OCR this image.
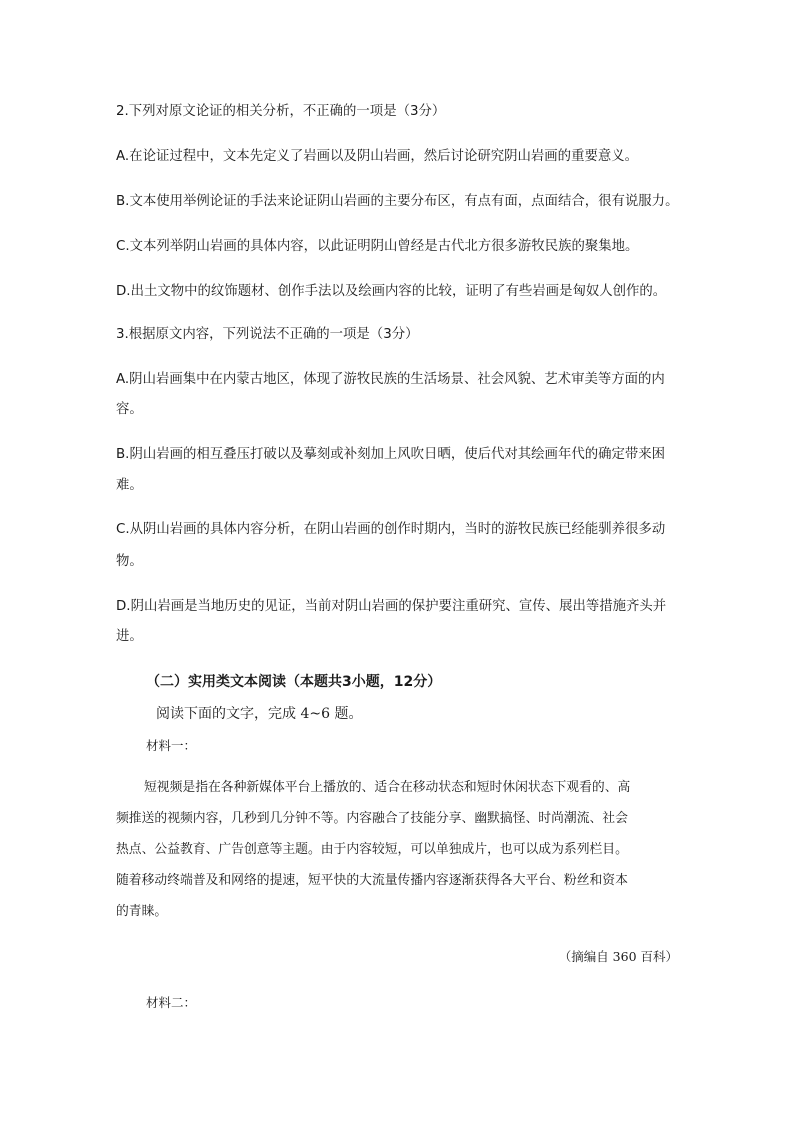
2.下列对原文论证的相关分析，不正确的一项是（3分）
A.在论证过程中，文本先定义了岩画以及阴山岩画，然后讨论研究阴山岩画的重要意义。
B.文本使用举例论证的手法来论证阴山岩画的主要分布区，有点有面，点面结合，很有说服力。
C.文本列举阴山岩画的具体内容，以此证明阴山曾经是古代北方很多游牧民族的聚集地。
D.出土文物中的纹饰题材、创作手法以及绘画内容的比较，证明了有些岩画是匈奴人创作的。
3.根据原文内容，下列说法不正确的一项是（3分）
A.阴山岩画集中在内蒙古地区，体现了游牧民族的生活场景、社会风貌、艺术审美等方面的内
容。
B.阴山岩画的相互叠压打破以及摹刻或补刻加上风吹日晒，使后代对其绘画年代的确定带来困
难。
C.从阴山岩画的具体内容分析，在阴山岩画的创作时期内，当时的游牧民族已经能驯养很多动
物。
D.阴山岩画是当地历史的见证，当前对阴山岩画的保护要注重研究、宣传、展出等措施齐头并
进。
（二）实用类文本阅读（本题共3小题，12分）
阅读下面的文字，完成 4~6 题。
材料一：
短视频是指在各种新媒体平台上播放的、适合在移动状态和短时休闲状态下观看的、高
频推送的视频内容，几秒到几分钟不等。内容融合了技能分享、幽默搞怪、时尚潮流、社会
热点、公益教育、广告创意等主题。由于内容较短，可以单独成片，也可以成为系列栏目。
随着移动终端普及和网络的提速，短平快的大流量传播内容逐渐获得各大平台、粉丝和资本
的青睐。
（摘编自 360 百科）
材料二：
